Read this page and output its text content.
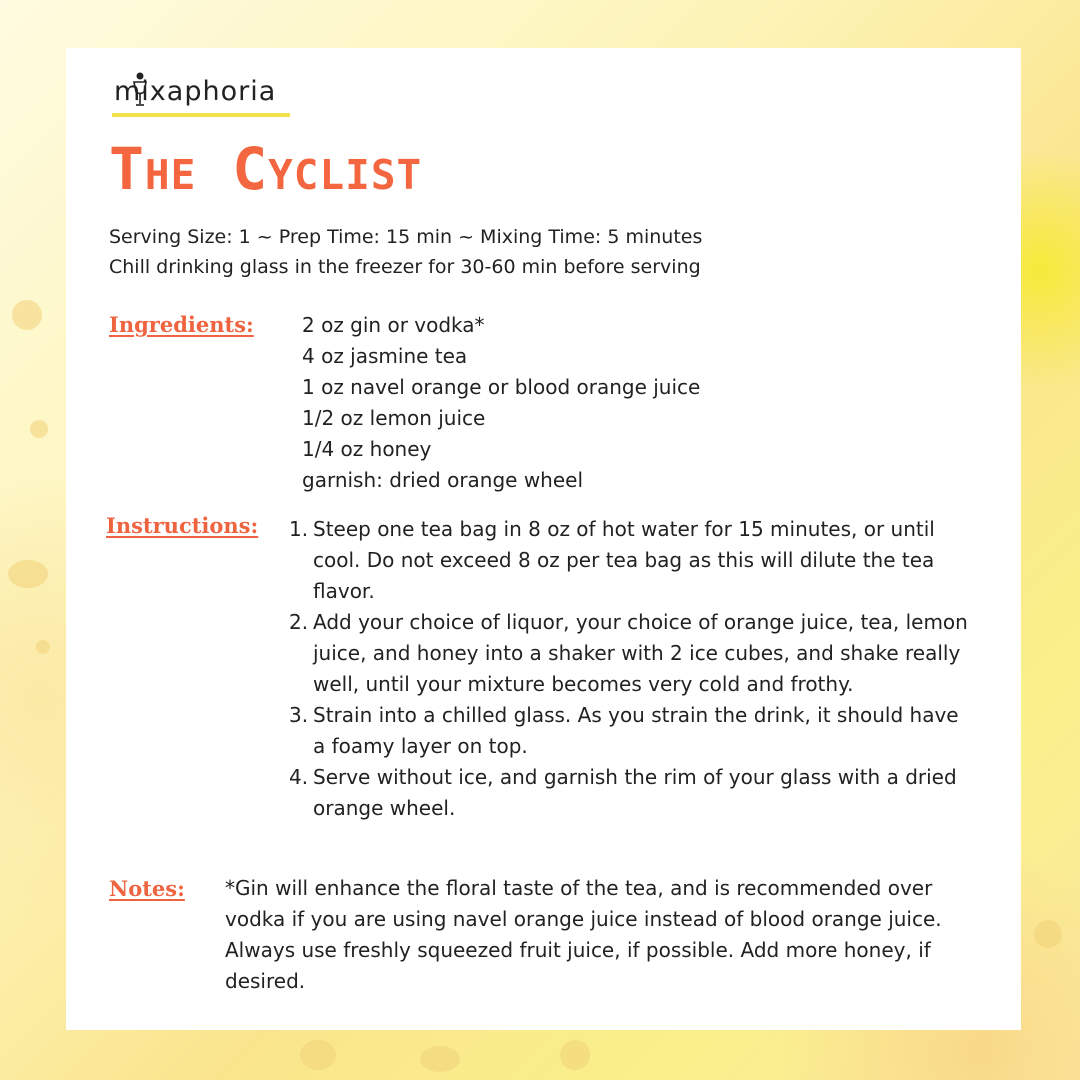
mixaphoria
The Cyclist
Serving Size: 1 ~ Prep Time: 15 min ~ Mixing Time: 5 minutes
Chill drinking glass in the freezer for 30-60 min before serving
Ingredients: 2 oz gin or vodka*
4 oz jasmine tea
1 oz navel orange or blood orange juice
1/2 oz lemon juice
1/4 oz honey
garnish: dried orange wheel
Instructions: 1. Steep one tea bag in 8 oz of hot water for 15 minutes, or until cool. Do not exceed 8 oz per tea bag as this will dilute the tea flavor.
2. Add your choice of liquor, your choice of orange juice, tea, lemon juice, and honey into a shaker with 2 ice cubes, and shake really well, until your mixture becomes very cold and frothy.
3. Strain into a chilled glass. As you strain the drink, it should have a foamy layer on top.
4. Serve without ice, and garnish the rim of your glass with a dried orange wheel.
Notes: *Gin will enhance the floral taste of the tea, and is recommended over vodka if you are using navel orange juice instead of blood orange juice. Always use freshly squeezed fruit juice, if possible. Add more honey, if desired.
